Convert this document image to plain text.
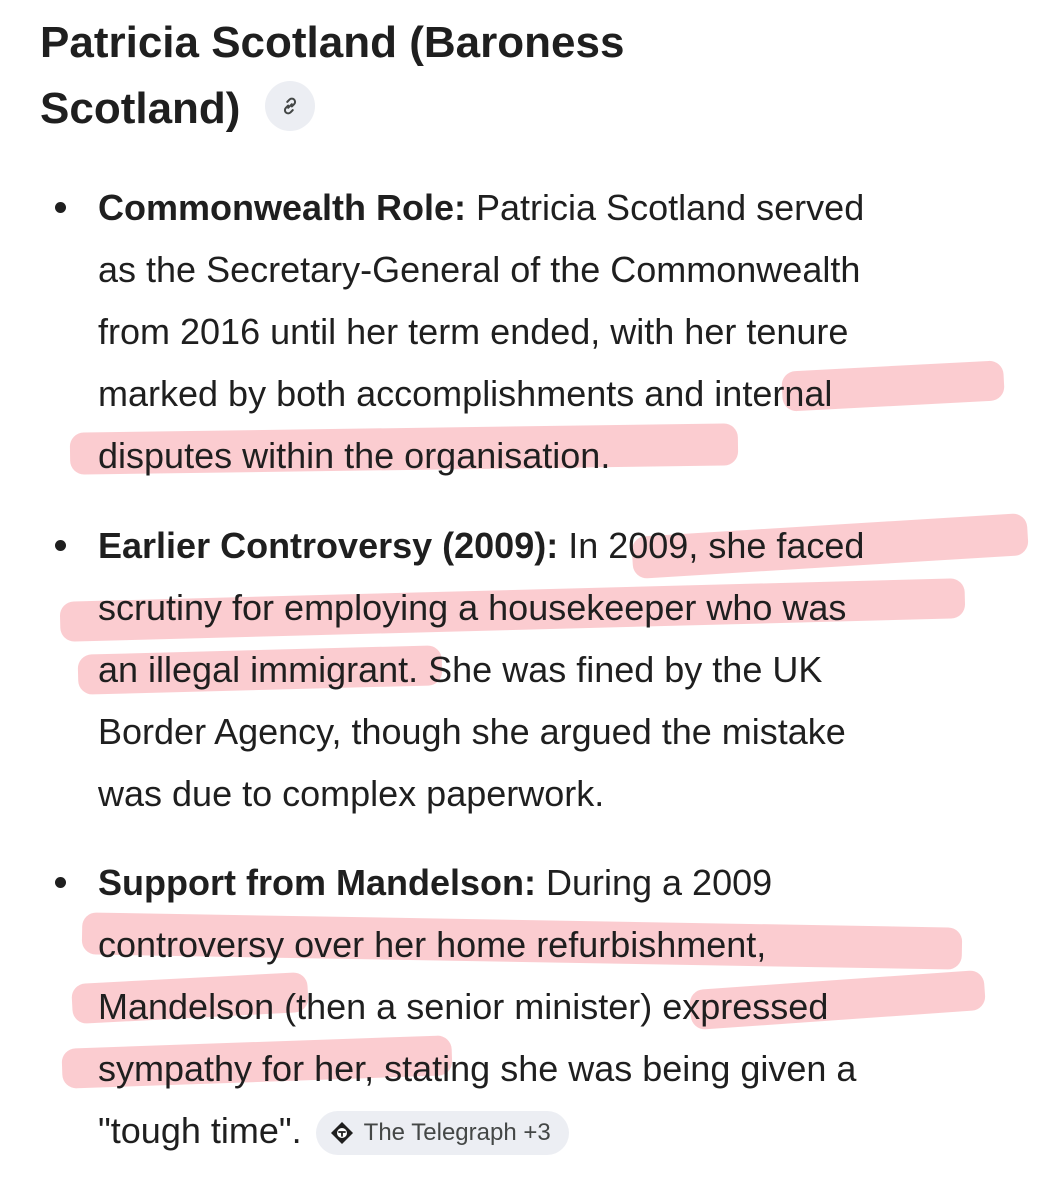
Patricia Scotland (Baroness Scotland)
Commonwealth Role: Patricia Scotland served
as the Secretary-General of the Commonwealth
from 2016 until her term ended, with her tenure
marked by both accomplishments and internal
disputes within the organisation.
Earlier Controversy (2009): In 2009, she faced
scrutiny for employing a housekeeper who was
an illegal immigrant. She was fined by the UK
Border Agency, though she argued the mistake
was due to complex paperwork.
Support from Mandelson: During a 2009
controversy over her home refurbishment,
Mandelson (then a senior minister) expressed
sympathy for her, stating she was being given a
"tough time".	The Telegraph +3
